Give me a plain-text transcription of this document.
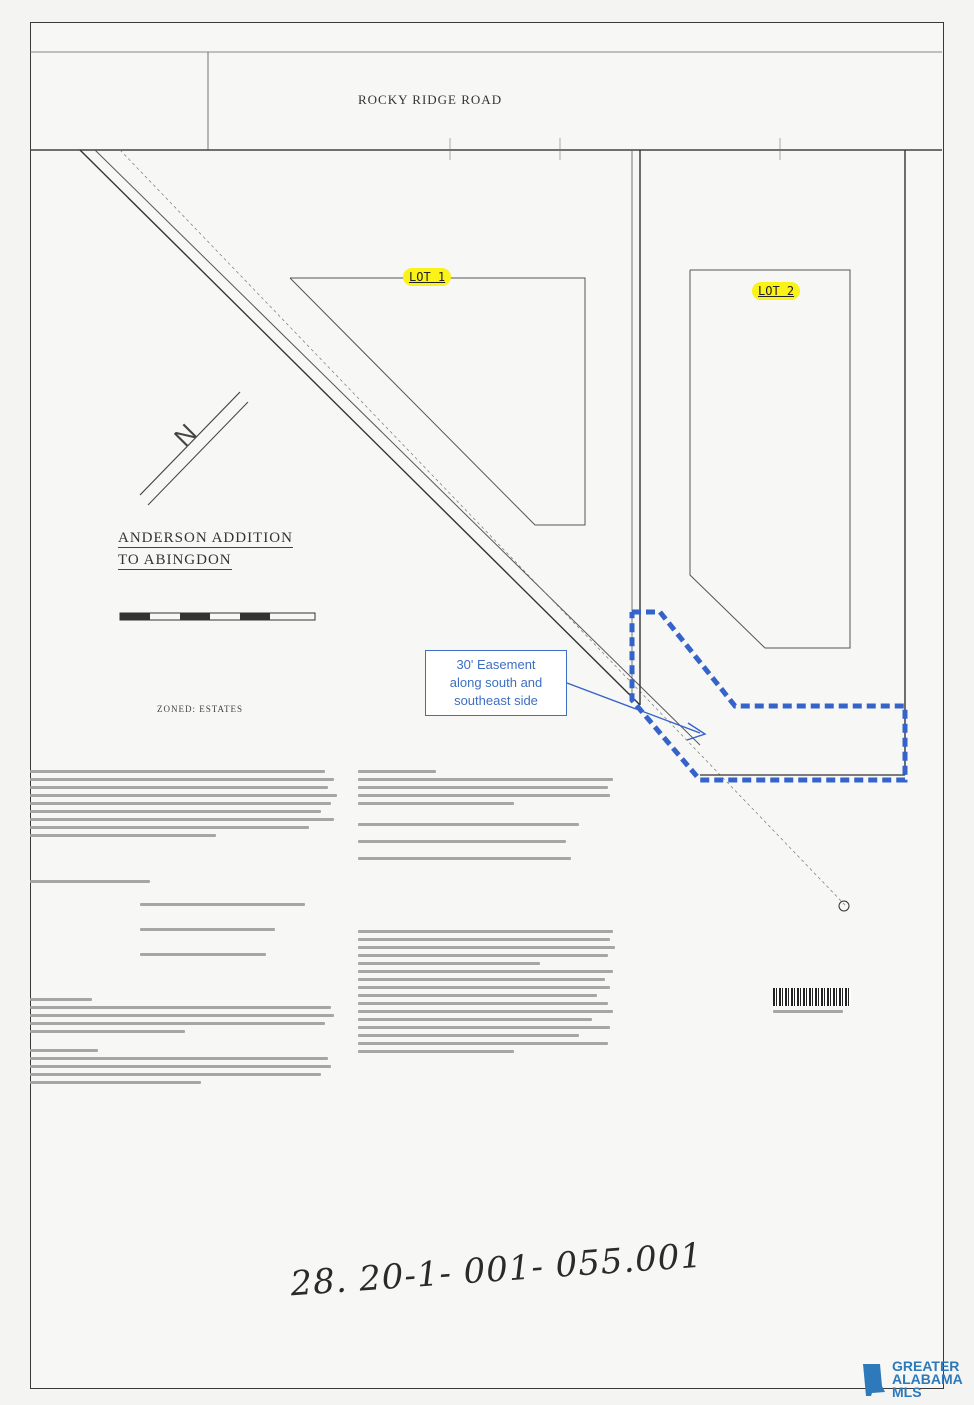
N
ROCKY RIDGE ROAD
LOT 1
LOT 2
ANDERSON ADDITION
TO ABINGDON
ZONED: ESTATES
30' Easement
along south and
southeast side
28. 20-1- 001- 055.001
GREATER
ALABAMA
MLS
